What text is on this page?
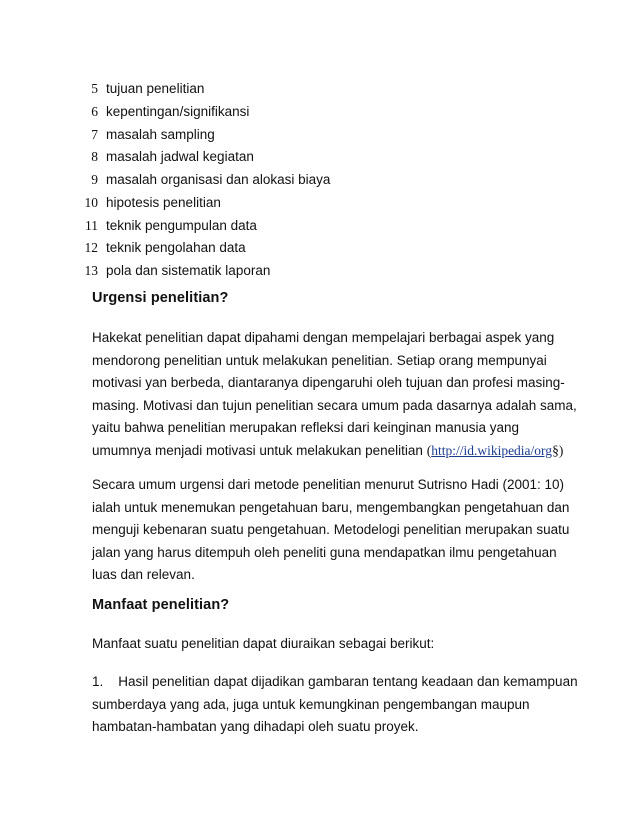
5 tujuan penelitian
6 kepentingan/signifikansi
7 masalah sampling
8 masalah jadwal kegiatan
9 masalah organisasi dan alokasi biaya
10 hipotesis penelitian
11 teknik pengumpulan data
12 teknik pengolahan data
13 pola dan sistematik laporan
Urgensi penelitian?
Hakekat penelitian dapat dipahami dengan mempelajari berbagai aspek yang
mendorong penelitian untuk melakukan penelitian. Setiap orang mempunyai
motivasi yan berbeda, diantaranya dipengaruhi oleh tujuan dan profesi masing-
masing. Motivasi dan tujun penelitian secara umum pada dasarnya adalah sama,
yaitu bahwa penelitian merupakan refleksi dari keinginan manusia yang
umumnya menjadi motivasi untuk melakukan penelitian (http://id.wikipedia/org§)
Secara umum urgensi dari metode penelitian menurut Sutrisno Hadi (2001: 10)
ialah untuk menemukan pengetahuan baru, mengembangkan pengetahuan dan
menguji kebenaran suatu pengetahuan. Metodelogi penelitian merupakan suatu
jalan yang harus ditempuh oleh peneliti guna mendapatkan ilmu pengetahuan
luas dan relevan.
Manfaat penelitian?
Manfaat suatu penelitian dapat diuraikan sebagai berikut:
1.    Hasil penelitian dapat dijadikan gambaran tentang keadaan dan kemampuan
sumberdaya yang ada, juga untuk kemungkinan pengembangan maupun
hambatan-hambatan yang dihadapi oleh suatu proyek.
